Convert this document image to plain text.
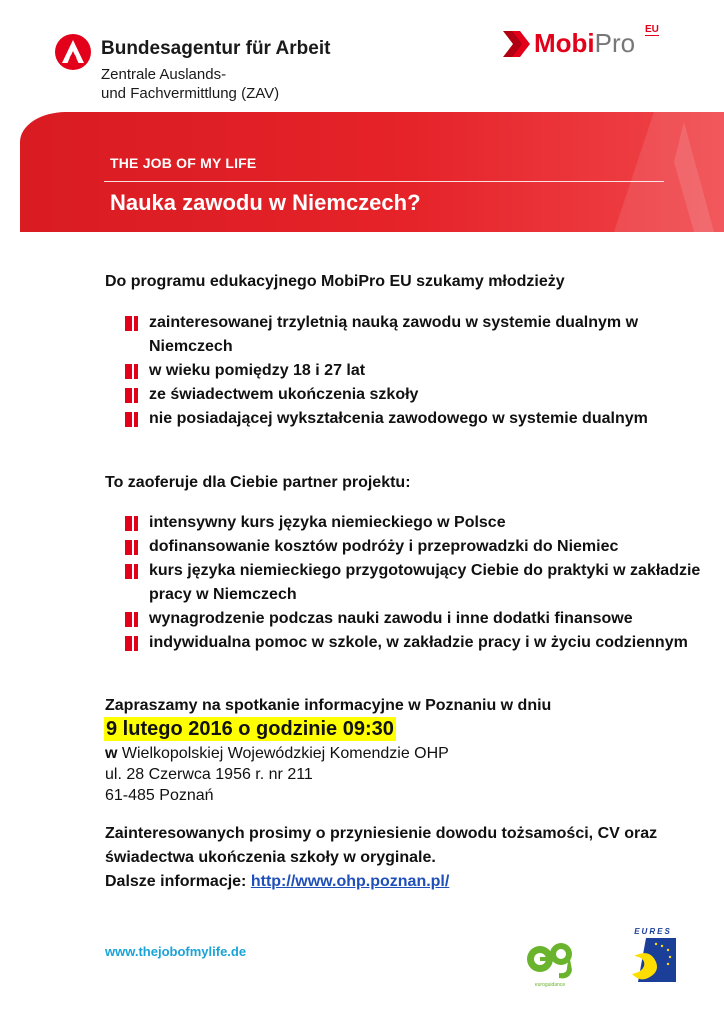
Bundesagentur für Arbeit
Zentrale Auslands-
und Fachvermittlung (ZAV)
MobiPro EU
THE JOB OF MY LIFE
Nauka zawodu w Niemczech?
Do programu edukacyjnego MobiPro EU szukamy młodzieży
zainteresowanej trzyletnią nauką zawodu w systemie dualnym w Niemczech
w wieku pomiędzy 18 i 27 lat
ze świadectwem ukończenia szkoły
nie posiadającej wykształcenia zawodowego w systemie dualnym
To zaoferuje dla Ciebie partner projektu:
intensywny kurs języka niemieckiego w Polsce
dofinansowanie kosztów podróży i przeprowadzki do Niemiec
kurs języka niemieckiego przygotowujący Ciebie do praktyki w zakładzie pracy w Niemczech
wynagrodzenie podczas nauki zawodu i inne dodatki finansowe
indywidualna pomoc w szkole, w zakładzie pracy i w życiu codziennym
Zapraszamy na spotkanie informacyjne w Poznaniu w dniu
9 lutego 2016 o godzinie 09:30
w Wielkopolskiej Wojewódzkiej Komendzie OHP
ul. 28 Czerwca 1956 r. nr 211
61-485 Poznań
Zainteresowanych prosimy o przyniesienie dowodu tożsamości, CV oraz świadectwa ukończenia szkoły w oryginale.
Dalsze informacje: http://www.ohp.poznan.pl/
www.thejobofmylife.de
euroguidance
EURES
